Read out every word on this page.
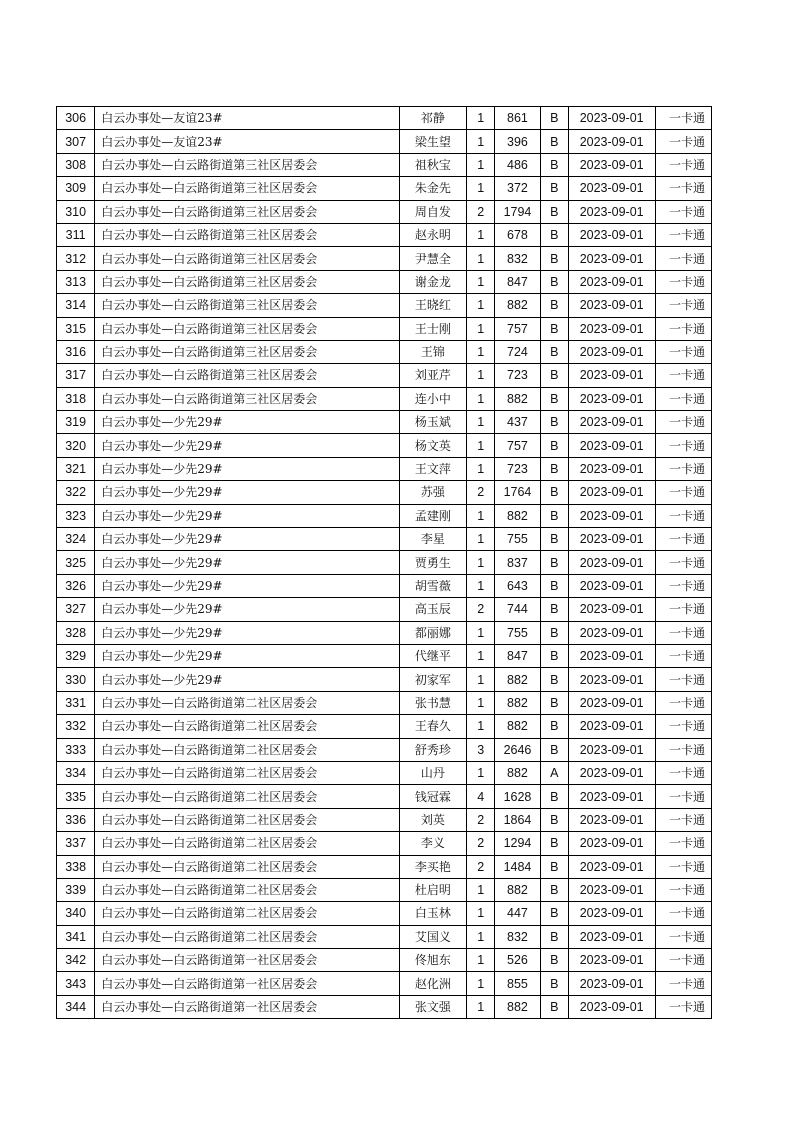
306	白云办事处—友谊23#	祁静	1	861	B	2023-09-01	一卡通
307	白云办事处—友谊23#	梁生望	1	396	B	2023-09-01	一卡通
308	白云办事处—白云路街道第三社区居委会	祖秋宝	1	486	B	2023-09-01	一卡通
309	白云办事处—白云路街道第三社区居委会	朱金先	1	372	B	2023-09-01	一卡通
310	白云办事处—白云路街道第三社区居委会	周自发	2	1794	B	2023-09-01	一卡通
311	白云办事处—白云路街道第三社区居委会	赵永明	1	678	B	2023-09-01	一卡通
312	白云办事处—白云路街道第三社区居委会	尹慧全	1	832	B	2023-09-01	一卡通
313	白云办事处—白云路街道第三社区居委会	谢金龙	1	847	B	2023-09-01	一卡通
314	白云办事处—白云路街道第三社区居委会	王晓红	1	882	B	2023-09-01	一卡通
315	白云办事处—白云路街道第三社区居委会	王士刚	1	757	B	2023-09-01	一卡通
316	白云办事处—白云路街道第三社区居委会	王锦	1	724	B	2023-09-01	一卡通
317	白云办事处—白云路街道第三社区居委会	刘亚芹	1	723	B	2023-09-01	一卡通
318	白云办事处—白云路街道第三社区居委会	连小中	1	882	B	2023-09-01	一卡通
319	白云办事处—少先29#	杨玉斌	1	437	B	2023-09-01	一卡通
320	白云办事处—少先29#	杨文英	1	757	B	2023-09-01	一卡通
321	白云办事处—少先29#	王文萍	1	723	B	2023-09-01	一卡通
322	白云办事处—少先29#	苏强	2	1764	B	2023-09-01	一卡通
323	白云办事处—少先29#	孟建刚	1	882	B	2023-09-01	一卡通
324	白云办事处—少先29#	李星	1	755	B	2023-09-01	一卡通
325	白云办事处—少先29#	贾勇生	1	837	B	2023-09-01	一卡通
326	白云办事处—少先29#	胡雪薇	1	643	B	2023-09-01	一卡通
327	白云办事处—少先29#	高玉辰	2	744	B	2023-09-01	一卡通
328	白云办事处—少先29#	都丽娜	1	755	B	2023-09-01	一卡通
329	白云办事处—少先29#	代继平	1	847	B	2023-09-01	一卡通
330	白云办事处—少先29#	初家军	1	882	B	2023-09-01	一卡通
331	白云办事处—白云路街道第二社区居委会	张书慧	1	882	B	2023-09-01	一卡通
332	白云办事处—白云路街道第二社区居委会	王春久	1	882	B	2023-09-01	一卡通
333	白云办事处—白云路街道第二社区居委会	舒秀珍	3	2646	B	2023-09-01	一卡通
334	白云办事处—白云路街道第二社区居委会	山丹	1	882	A	2023-09-01	一卡通
335	白云办事处—白云路街道第二社区居委会	钱冠霖	4	1628	B	2023-09-01	一卡通
336	白云办事处—白云路街道第二社区居委会	刘英	2	1864	B	2023-09-01	一卡通
337	白云办事处—白云路街道第二社区居委会	李义	2	1294	B	2023-09-01	一卡通
338	白云办事处—白云路街道第二社区居委会	李买艳	2	1484	B	2023-09-01	一卡通
339	白云办事处—白云路街道第二社区居委会	杜启明	1	882	B	2023-09-01	一卡通
340	白云办事处—白云路街道第二社区居委会	白玉林	1	447	B	2023-09-01	一卡通
341	白云办事处—白云路街道第二社区居委会	艾国义	1	832	B	2023-09-01	一卡通
342	白云办事处—白云路街道第一社区居委会	佟旭东	1	526	B	2023-09-01	一卡通
343	白云办事处—白云路街道第一社区居委会	赵化洲	1	855	B	2023-09-01	一卡通
344	白云办事处—白云路街道第一社区居委会	张文强	1	882	B	2023-09-01	一卡通
